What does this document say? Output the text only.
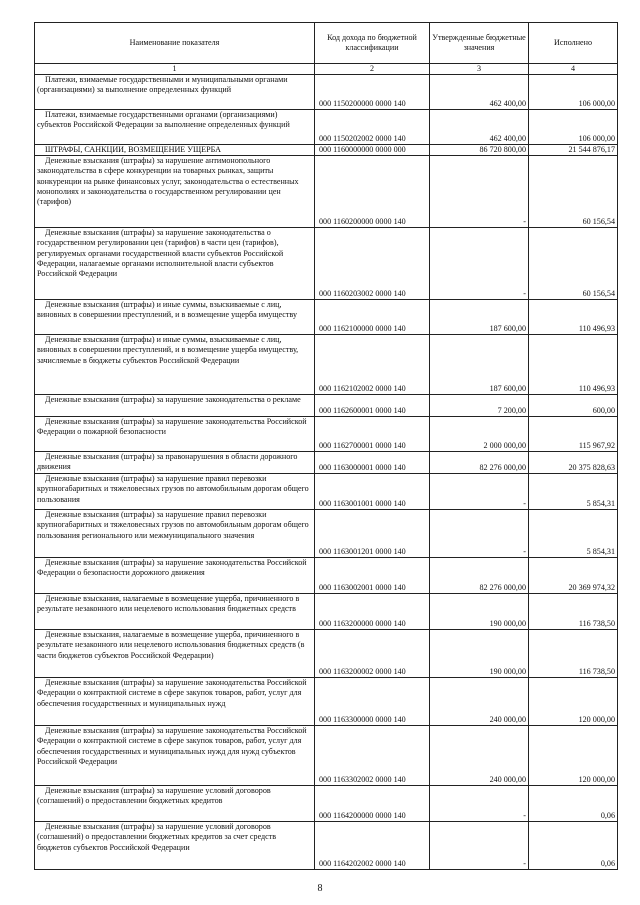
Наименование показателя	Код дохода по бюджетной классификации	Утвержденные бюджетные значения	Исполнено
1	2	3	4
Платежи, взимаемые государственными и муниципальными органами (организациями) за выполнение определенных функций	000 1150200000 0000 140	462 400,00	106 000,00
Платежи, взимаемые государственными органами (организациями) субъектов Российской Федерации за выполнение определенных функций	000 1150202002 0000 140	462 400,00	106 000,00
ШТРАФЫ, САНКЦИИ, ВОЗМЕЩЕНИЕ УЩЕРБА	000 1160000000 0000 000	86 720 800,00	21 544 876,17
Денежные взыскания (штрафы) за нарушение антимонопольного законодательства в сфере конкуренции на товарных рынках, защиты конкуренции на рынке финансовых услуг, законодательства о естественных монополиях и законодательства о государственном регулировании цен (тарифов)	000 1160200000 0000 140	-	60 156,54
Денежные взыскания (штрафы) за нарушение законодательства о государственном регулировании цен (тарифов) в части цен (тарифов), регулируемых органами государственной власти субъектов Российской Федерации, налагаемые органами исполнительной власти субъектов Российской Федерации	000 1160203002 0000 140	-	60 156,54
Денежные взыскания (штрафы) и иные суммы, взыскиваемые с лиц, виновных в совершении преступлений, и в возмещение ущерба имуществу	000 1162100000 0000 140	187 600,00	110 496,93
Денежные взыскания (штрафы) и иные суммы, взыскиваемые с лиц, виновных в совершении преступлений, и в возмещение ущерба имуществу, зачисляемые в бюджеты субъектов Российской Федерации	000 1162102002 0000 140	187 600,00	110 496,93
Денежные взыскания (штрафы) за нарушение законодательства о рекламе	000 1162600001 0000 140	7 200,00	600,00
Денежные взыскания (штрафы) за нарушение законодательства Российской Федерации о пожарной безопасности	000 1162700001 0000 140	2 000 000,00	115 967,92
Денежные взыскания (штрафы) за правонарушения в области дорожного движения	000 1163000001 0000 140	82 276 000,00	20 375 828,63
Денежные взыскания (штрафы) за нарушение правил перевозки крупногабаритных и тяжеловесных грузов по автомобильным дорогам общего пользования	000 1163001001 0000 140	-	5 854,31
Денежные взыскания (штрафы) за нарушение правил перевозки крупногабаритных и тяжеловесных грузов по автомобильным дорогам общего пользования регионального или межмуниципального значения	000 1163001201 0000 140	-	5 854,31
Денежные взыскания (штрафы) за нарушение законодательства Российской Федерации о безопасности дорожного движения	000 1163002001 0000 140	82 276 000,00	20 369 974,32
Денежные взыскания, налагаемые в возмещение ущерба, причиненного в результате незаконного или нецелевого использования бюджетных средств	000 1163200000 0000 140	190 000,00	116 738,50
Денежные взыскания, налагаемые в возмещение ущерба, причиненного в результате незаконного или нецелевого использования бюджетных средств (в части бюджетов субъектов Российской Федерации)	000 1163200002 0000 140	190 000,00	116 738,50
Денежные взыскания (штрафы) за нарушение законодательства Российской Федерации о контрактной системе в сфере закупок товаров, работ, услуг для обеспечения государственных и муниципальных нужд	000 1163300000 0000 140	240 000,00	120 000,00
Денежные взыскания (штрафы) за нарушение законодательства Российской Федерации о контрактной системе в сфере закупок товаров, работ, услуг для обеспечения государственных и муниципальных нужд для нужд субъектов Российской Федерации	000 1163302002 0000 140	240 000,00	120 000,00
Денежные взыскания (штрафы) за нарушение условий договоров (соглашений) о предоставлении бюджетных кредитов	000 1164200000 0000 140	-	0,06
Денежные взыскания (штрафы) за нарушение условий договоров (соглашений) о предоставлении бюджетных кредитов за счет средств бюджетов субъектов Российской Федерации	000 1164202002 0000 140	-	0,06
8
